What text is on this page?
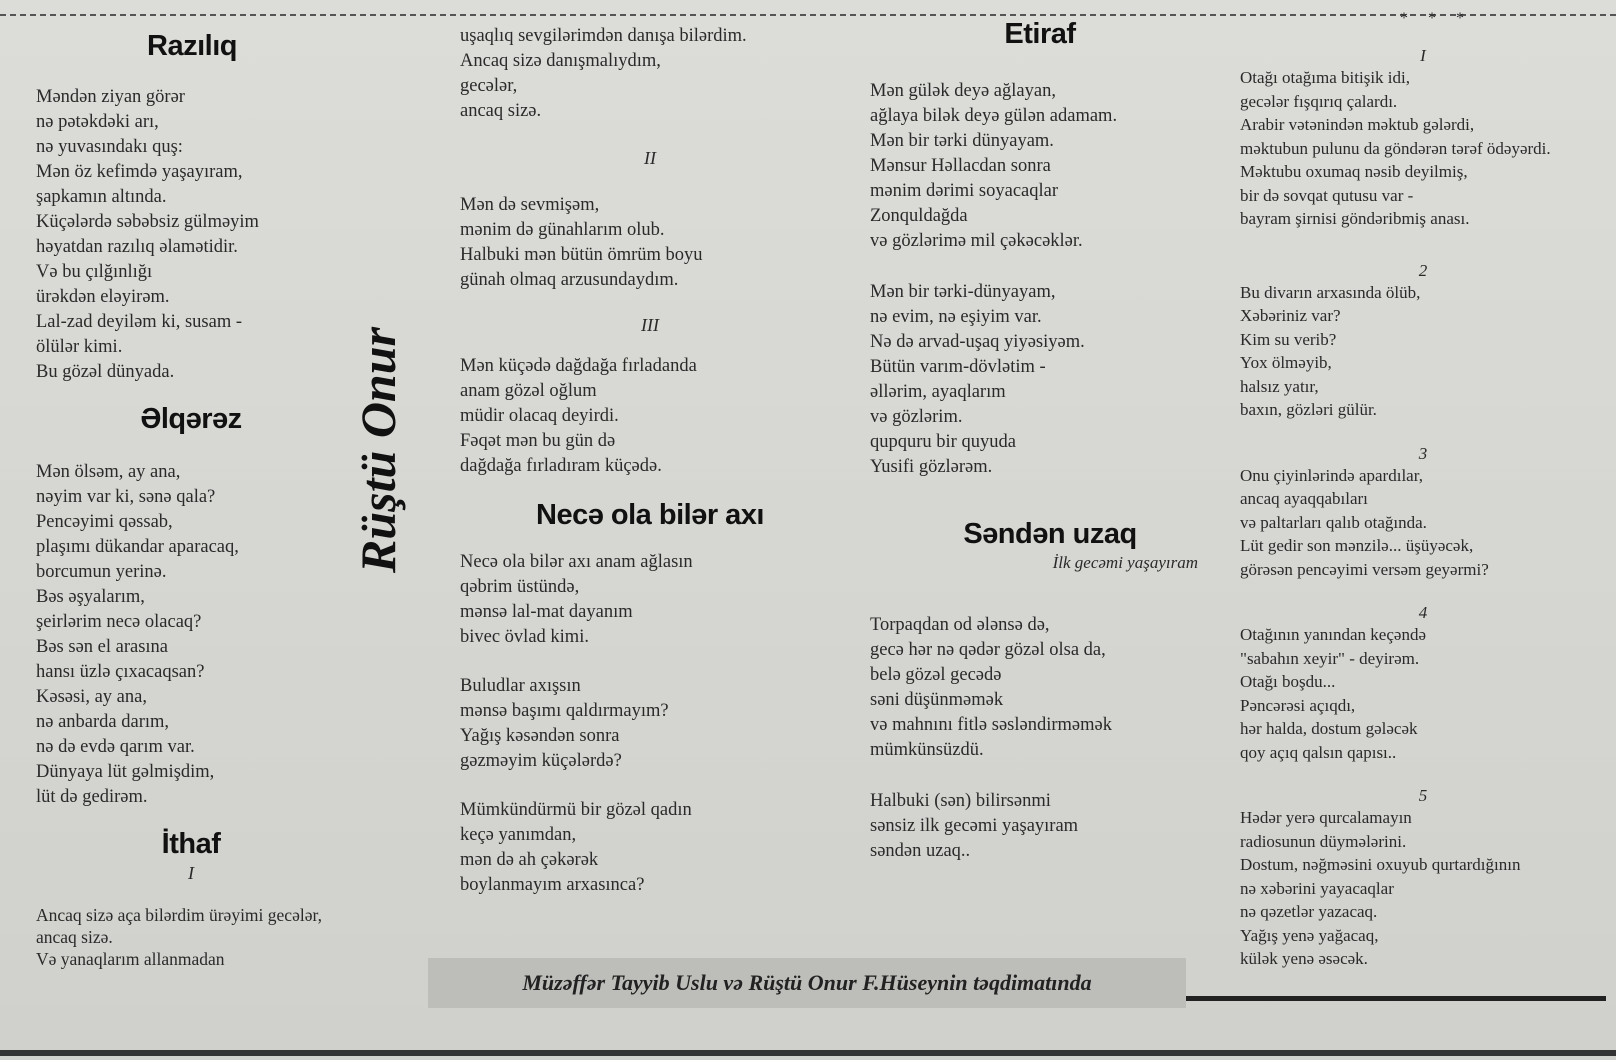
Razılıq

Məndən ziyan görər
nə pətəkdəki arı,
nə yuvasındakı quş:
Mən öz kefimdə yaşayıram,
şapkamın altında.
Küçələrdə səbəbsiz gülməyim
həyatdan razılıq əlamətidir.
Və bu çılğınlığı
ürəkdən eləyirəm.
Lal-zad deyiləm ki, susam -
ölülər kimi.
Bu gözəl dünyada.

Əlqərəz

Mən ölsəm, ay ana,
nəyim var ki, sənə qala?
Pencəyimi qəssab,
plaşımı dükandar aparacaq,
borcumun yerinə.
Bəs əşyalarım,
şeirlərim necə olacaq?
Bəs sən el arasına
hansı üzlə çıxacaqsan?
Kəsəsi, ay ana,
nə anbarda darım,
nə də evdə qarım var.
Dünyaya lüt gəlmişdim,
lüt də gedirəm.

İthaf

I

Ancaq sizə aça bilərdim ürəyimi gecələr,
ancaq sizə.
Və yanaqlarım allanmadan

Rüştü Onur

uşaqlıq sevgilərimdən danışa bilərdim.
Ancaq sizə danışmalıydım,
gecələr,
ancaq sizə.

II

Mən də sevmişəm,
mənim də günahlarım olub.
Halbuki mən bütün ömrüm boyu
günah olmaq arzusundaydım.

III

Mən küçədə dağdağa fırladanda
anam gözəl oğlum
müdir olacaq deyirdi.
Fəqət mən bu gün də
dağdağa fırladıram küçədə.

Necə ola bilər axı

Necə ola bilər axı anam ağlasın
qəbrim üstündə,
mənsə lal-mat dayanım
bivec övlad kimi.

Buludlar axışsın
mənsə başımı qaldırmayım?
Yağış kəsəndən sonra
gəzməyim küçələrdə?

Mümkündürmü bir gözəl qadın
keçə yanımdan,
mən də ah çəkərək
boylanmayım arxasınca?

Etiraf

Mən gülək deyə ağlayan,
ağlaya bilək deyə gülən adamam.
Mən bir tərki dünyayam.
Mənsur Həllacdan sonra
mənim dərimi soyacaqlar
Zonquldağda
və gözlərimə mil çəkəcəklər.

Mən bir tərki-dünyayam,
nə evim, nə eşiyim var.
Nə də arvad-uşaq yiyəsiyəm.
Bütün varım-dövlətim -
əllərim, ayaqlarım
və gözlərim.
qupquru bir quyuda
Yusifi gözlərəm.

Səndən uzaq

İlk gecəmi yaşayıram

Torpaqdan od ələnsə də,
gecə hər nə qədər gözəl olsa da,
belə gözəl gecədə
səni düşünməmək
və mahnını fitlə səsləndirməmək
mümkünsüzdü.

Halbuki (sən) bilirsənmi
sənsiz ilk gecəmi yaşayıram
səndən uzaq..

* * *

I

Otağı otağıma bitişik idi,
gecələr fışqırıq çalardı.
Arabir vətənindən məktub gələrdi,
məktubun pulunu da göndərən tərəf ödəyərdi.
Məktubu oxumaq nəsib deyilmiş,
bir də sovqat qutusu var -
bayram şirnisi göndəribmiş anası.

2

Bu divarın arxasında ölüb,
Xəbəriniz var?
Kim su verib?
Yox ölməyib,
halsız yatır,
baxın, gözləri gülür.

3

Onu çiyinlərində apardılar,
ancaq ayaqqabıları
və paltarları qalıb otağında.
Lüt gedir son mənzilə... üşüyəcək,
görəsən pencəyimi versəm geyərmi?

4

Otağının yanından keçəndə
"sabahın xeyir" - deyirəm.
Otağı boşdu...
Pəncərəsi açıqdı,
hər halda, dostum gələcək
qoy açıq qalsın qapısı..

5

Hədər yerə qurcalamayın
radiosunun düymələrini.
Dostum, nəğməsini oxuyub qurtardığının
nə xəbərini yayacaqlar
nə qəzetlər yazacaq.
Yağış yenə yağacaq,
külək yenə əsəcək.

Müzəffər Tayyib Uslu və Rüştü Onur F.Hüseynin təqdimatında
